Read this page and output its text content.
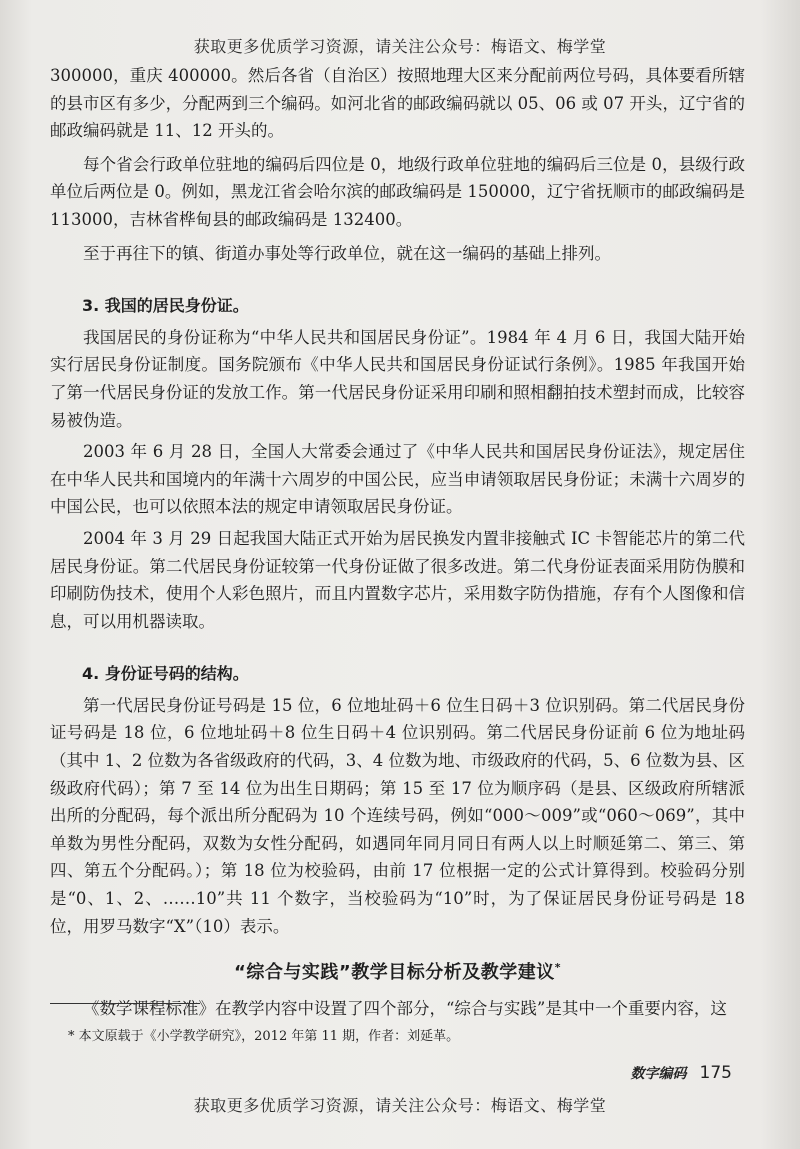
获取更多优质学习资源，请关注公众号：梅语文、梅学堂

300000，重庆 400000。然后各省（自治区）按照地理大区来分配前两位号码，具体要看所辖的县市区有多少，分配两到三个编码。如河北省的邮政编码就以 05、06 或 07 开头，辽宁省的邮政编码就是 11、12 开头的。

每个省会行政单位驻地的编码后四位是 0，地级行政单位驻地的编码后三位是 0，县级行政单位后两位是 0。例如，黑龙江省会哈尔滨的邮政编码是 150000，辽宁省抚顺市的邮政编码是 113000，吉林省桦甸县的邮政编码是 132400。

至于再往下的镇、街道办事处等行政单位，就在这一编码的基础上排列。

3. 我国的居民身份证。

我国居民的身份证称为“中华人民共和国居民身份证”。1984 年 4 月 6 日，我国大陆开始实行居民身份证制度。国务院颁布《中华人民共和国居民身份证试行条例》。1985 年我国开始了第一代居民身份证的发放工作。第一代居民身份证采用印刷和照相翻拍技术塑封而成，比较容易被伪造。

2003 年 6 月 28 日，全国人大常委会通过了《中华人民共和国居民身份证法》，规定居住在中华人民共和国境内的年满十六周岁的中国公民，应当申请领取居民身份证；未满十六周岁的中国公民，也可以依照本法的规定申请领取居民身份证。

2004 年 3 月 29 日起我国大陆正式开始为居民换发内置非接触式 IC 卡智能芯片的第二代居民身份证。第二代居民身份证较第一代身份证做了很多改进。第二代身份证表面采用防伪膜和印刷防伪技术，使用个人彩色照片，而且内置数字芯片，采用数字防伪措施，存有个人图像和信息，可以用机器读取。

4. 身份证号码的结构。

第一代居民身份证号码是 15 位，6 位地址码＋6 位生日码＋3 位识别码。第二代居民身份证号码是 18 位，6 位地址码＋8 位生日码＋4 位识别码。第二代居民身份证前 6 位为地址码（其中 1、2 位数为各省级政府的代码，3、4 位数为地、市级政府的代码，5、6 位数为县、区级政府代码）；第 7 至 14 位为出生日期码；第 15 至 17 位为顺序码（是县、区级政府所辖派出所的分配码，每个派出所分配码为 10 个连续号码，例如“000～009”或“060～069”，其中单数为男性分配码，双数为女性分配码，如遇同年同月同日有两人以上时顺延第二、第三、第四、第五个分配码。）；第 18 位为校验码，由前 17 位根据一定的公式计算得到。校验码分别是“0、1、2、……10”共 11 个数字，当校验码为“10”时，为了保证居民身份证号码是 18 位，用罗马数字“X”（10）表示。

“综合与实践”教学目标分析及教学建议*

《数学课程标准》在教学内容中设置了四个部分，“综合与实践”是其中一个重要内容，这

* 本文原载于《小学教学研究》，2012 年第 11 期，作者：刘延革。
数字编码 175
获取更多优质学习资源，请关注公众号：梅语文、梅学堂
